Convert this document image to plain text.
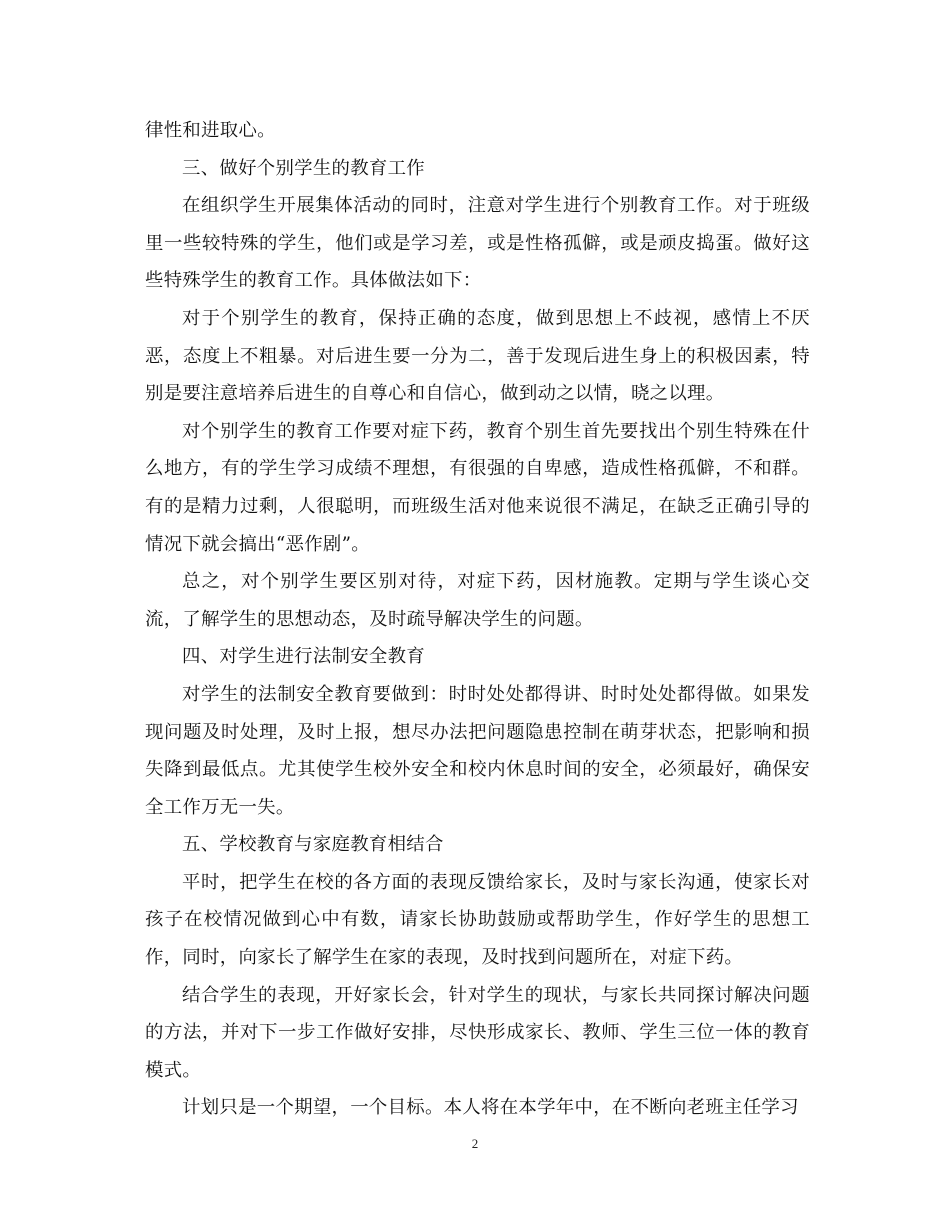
律性和进取心。

三、做好个别学生的教育工作

在组织学生开展集体活动的同时，注意对学生进行个别教育工作。对于班级里一些较特殊的学生，他们或是学习差，或是性格孤僻，或是顽皮捣蛋。做好这些特殊学生的教育工作。具体做法如下：

对于个别学生的教育，保持正确的态度，做到思想上不歧视，感情上不厌恶，态度上不粗暴。对后进生要一分为二，善于发现后进生身上的积极因素，特别是要注意培养后进生的自尊心和自信心，做到动之以情，晓之以理。

对个别学生的教育工作要对症下药，教育个别生首先要找出个别生特殊在什么地方，有的学生学习成绩不理想，有很强的自卑感，造成性格孤僻，不和群。有的是精力过剩，人很聪明，而班级生活对他来说很不满足，在缺乏正确引导的情况下就会搞出“恶作剧”。

总之，对个别学生要区别对待，对症下药，因材施教。定期与学生谈心交流，了解学生的思想动态，及时疏导解决学生的问题。

四、对学生进行法制安全教育

对学生的法制安全教育要做到：时时处处都得讲、时时处处都得做。如果发现问题及时处理，及时上报，想尽办法把问题隐患控制在萌芽状态，把影响和损失降到最低点。尤其使学生校外安全和校内休息时间的安全，必须最好，确保安全工作万无一失。

五、学校教育与家庭教育相结合

平时，把学生在校的各方面的表现反馈给家长，及时与家长沟通，使家长对孩子在校情况做到心中有数，请家长协助鼓励或帮助学生，作好学生的思想工作，同时，向家长了解学生在家的表现，及时找到问题所在，对症下药。

结合学生的表现，开好家长会，针对学生的现状，与家长共同探讨解决问题的方法，并对下一步工作做好安排，尽快形成家长、教师、学生三位一体的教育模式。

计划只是一个期望，一个目标。本人将在本学年中，在不断向老班主任学习

2
